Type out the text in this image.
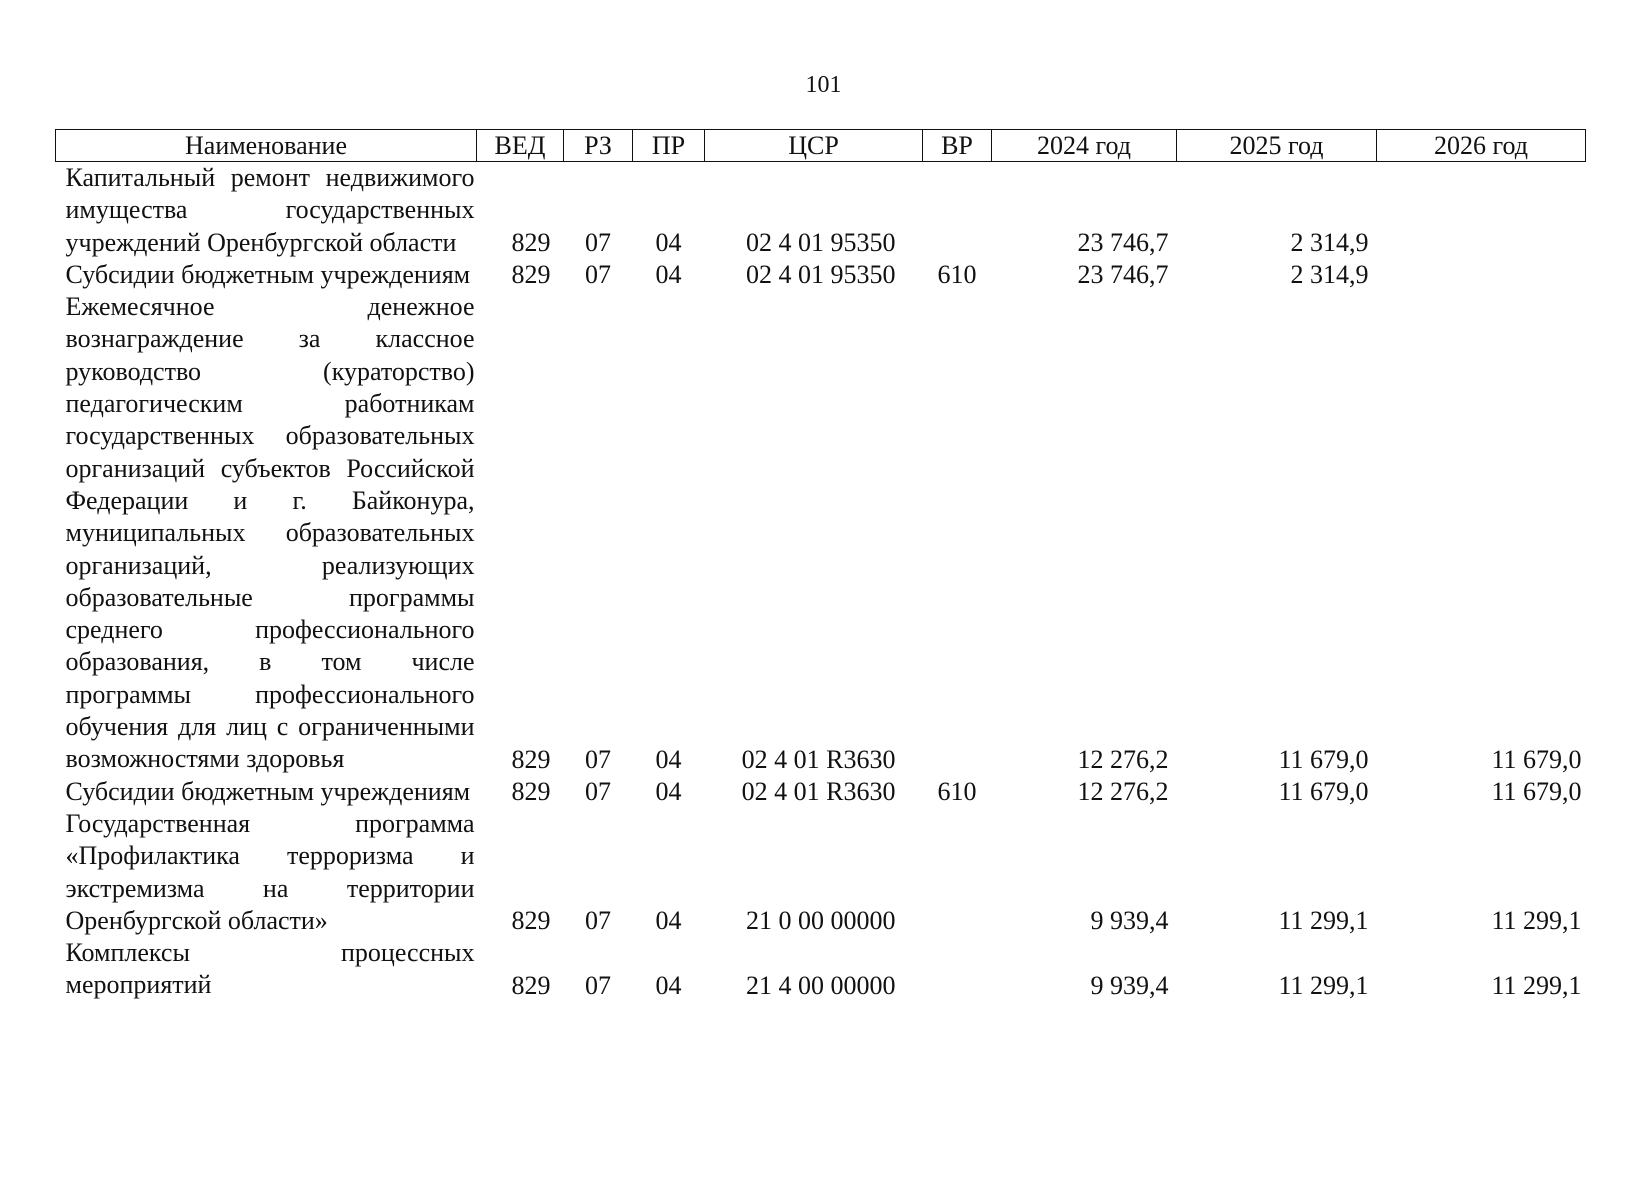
101
Наименование	ВЕД	РЗ	ПР	ЦСР	ВР	2024 год	2025 год	2026 год
Капитальный ремонт недвижимого имущества государственных учреждений Оренбургской области	829	07	04	02 4 01 95350		23 746,7	2 314,9	
Субсидии бюджетным учреждениям	829	07	04	02 4 01 95350	610	23 746,7	2 314,9	
Ежемесячное денежное вознаграждение за классное руководство (кураторство) педагогическим работникам государственных образовательных организаций субъектов Российской Федерации и г. Байконура, муниципальных образовательных организаций, реализующих образовательные программы среднего профессионального образования, в том числе программы профессионального обучения для лиц с ограниченными возможностями здоровья	829	07	04	02 4 01 R3630		12 276,2	11 679,0	11 679,0
Субсидии бюджетным учреждениям	829	07	04	02 4 01 R3630	610	12 276,2	11 679,0	11 679,0
Государственная программа «Профилактика терроризма и экстремизма на территории Оренбургской области»	829	07	04	21 0 00 00000		9 939,4	11 299,1	11 299,1
Комплексы процессных мероприятий	829	07	04	21 4 00 00000		9 939,4	11 299,1	11 299,1
